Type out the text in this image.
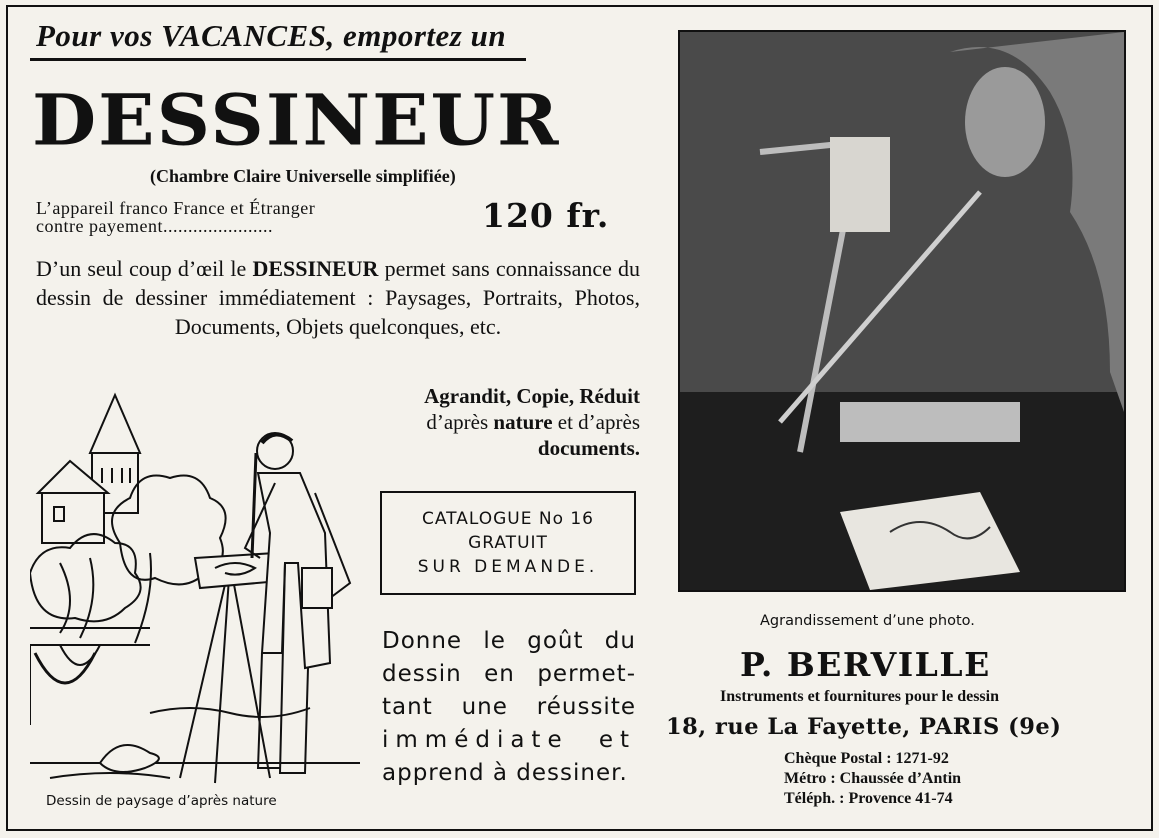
Pour vos VACANCES, emportez un
DESSINEUR
(Chambre Claire Universelle simplifiée)
L’appareil franco France et Étranger
contre payement......................	120 fr.
D’un seul coup d’œil le DESSINEUR permet sans connaissance du dessin de dessiner immédiatement : Paysages, Portraits, Photos, Documents, Objets quelconques, etc.
Agrandit, Copie, Réduit
d’après nature et d’après
documents.
CATALOGUE No 16
GRATUIT
SUR DEMANDE.
Donne le goût du
dessin en permet-
tant une réussite
immédiate et
apprend à dessiner.
Dessin de paysage d’après nature
Agrandissement d’une photo.
P. BERVILLE
Instruments et fournitures pour le dessin
18, rue La Fayette, PARIS (9e)
Chèque Postal : 1271-92
Métro : Chaussée d’Antin
Téléph. : Provence 41-74
